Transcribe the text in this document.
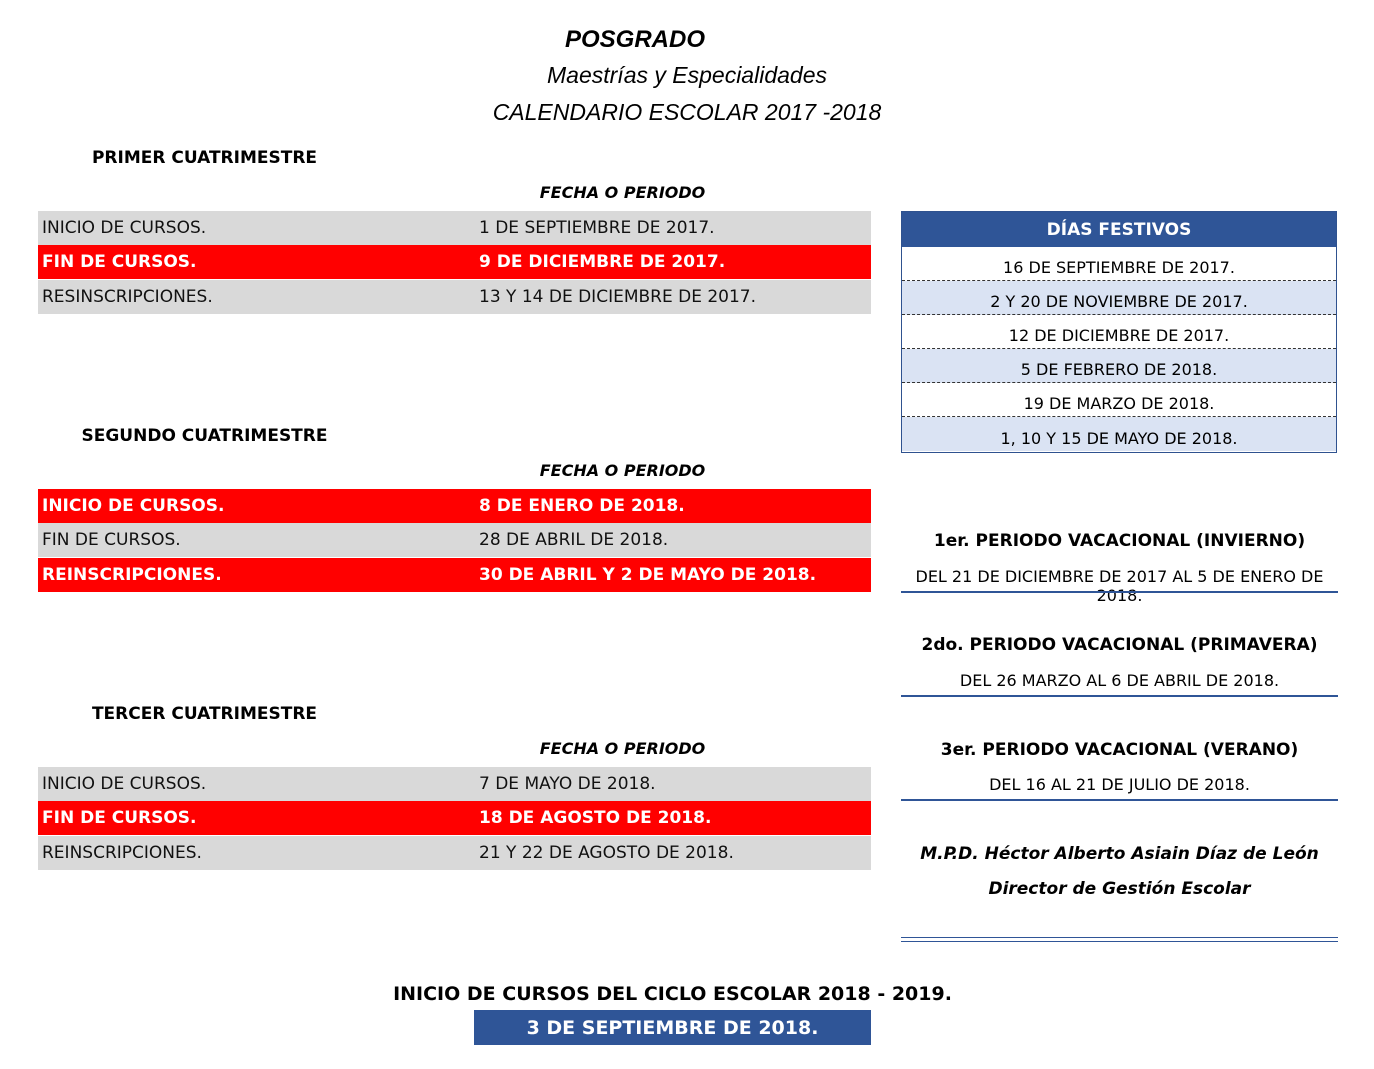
POSGRADO
Maestrías y Especialidades
CALENDARIO ESCOLAR 2017 -2018
PRIMER CUATRIMESTRE
FECHA O PERIODO
INICIO DE CURSOS.	1 DE SEPTIEMBRE DE 2017.
FIN DE CURSOS.	9 DE DICIEMBRE DE 2017.
RESINSCRIPCIONES.	13 Y 14 DE DICIEMBRE DE 2017.
SEGUNDO CUATRIMESTRE
FECHA O PERIODO
INICIO DE CURSOS.	8 DE ENERO DE 2018.
FIN DE CURSOS.	28 DE ABRIL DE 2018.
REINSCRIPCIONES.	30 DE ABRIL Y 2 DE MAYO DE 2018.
TERCER CUATRIMESTRE
FECHA O PERIODO
INICIO DE CURSOS.	7 DE MAYO DE 2018.
FIN DE CURSOS.	18 DE AGOSTO DE 2018.
REINSCRIPCIONES.	21 Y 22 DE AGOSTO DE 2018.
DÍAS FESTIVOS
16 DE SEPTIEMBRE DE 2017.
2 Y 20 DE NOVIEMBRE DE 2017.
12 DE DICIEMBRE DE 2017.
5 DE FEBRERO DE 2018.
19 DE MARZO DE 2018.
1, 10 Y 15 DE MAYO DE 2018.
1er. PERIODO VACACIONAL (INVIERNO)
DEL 21 DE DICIEMBRE DE 2017 AL 5 DE ENERO DE 2018.
2do. PERIODO VACACIONAL (PRIMAVERA)
DEL 26 MARZO AL 6 DE ABRIL DE 2018.
3er. PERIODO VACACIONAL (VERANO)
DEL 16 AL 21 DE JULIO DE 2018.
M.P.D. Héctor Alberto Asiain Díaz de León
Director de Gestión Escolar
INICIO DE CURSOS DEL CICLO ESCOLAR 2018 - 2019.
3 DE SEPTIEMBRE DE 2018.
